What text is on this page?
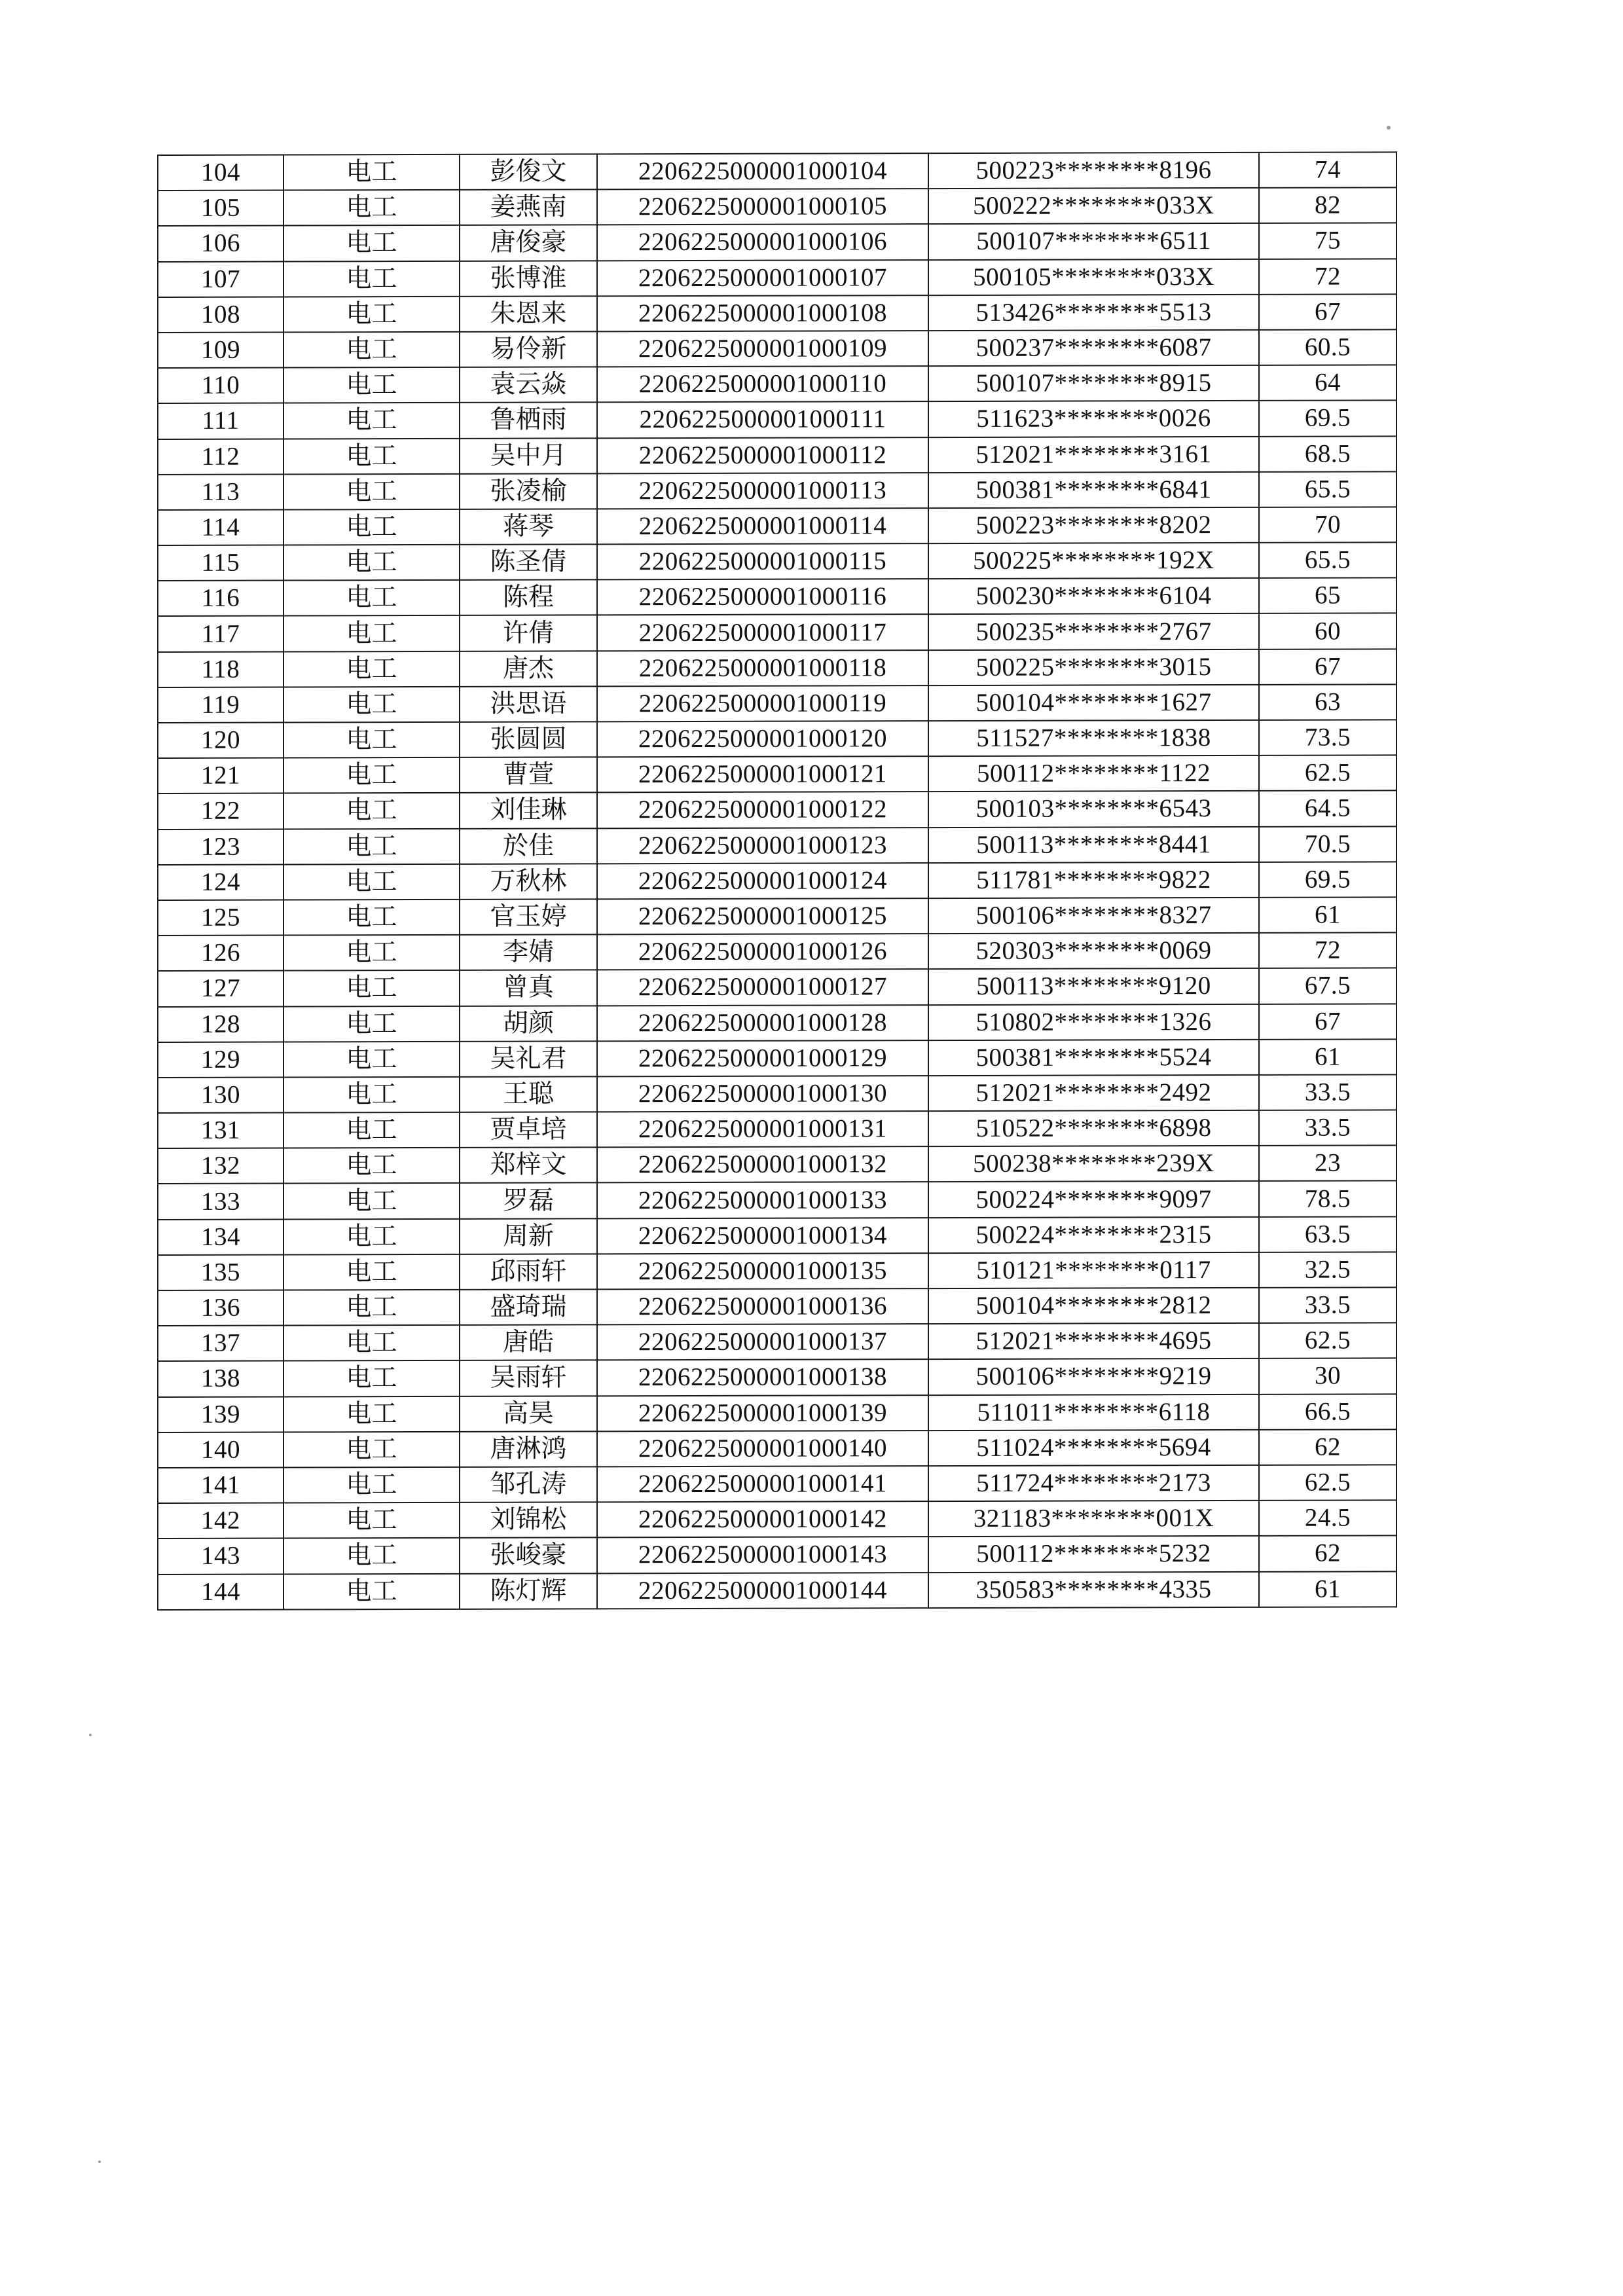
104	电工	彭俊文	2206225000001000104	500223********8196	74
105	电工	姜燕南	2206225000001000105	500222********033X	82
106	电工	唐俊豪	2206225000001000106	500107********6511	75
107	电工	张博淮	2206225000001000107	500105********033X	72
108	电工	朱恩来	2206225000001000108	513426********5513	67
109	电工	易伶新	2206225000001000109	500237********6087	60.5
110	电工	袁云焱	2206225000001000110	500107********8915	64
111	电工	鲁栖雨	2206225000001000111	511623********0026	69.5
112	电工	吴中月	2206225000001000112	512021********3161	68.5
113	电工	张凌榆	2206225000001000113	500381********6841	65.5
114	电工	蒋琴	2206225000001000114	500223********8202	70
115	电工	陈圣倩	2206225000001000115	500225********192X	65.5
116	电工	陈程	2206225000001000116	500230********6104	65
117	电工	许倩	2206225000001000117	500235********2767	60
118	电工	唐杰	2206225000001000118	500225********3015	67
119	电工	洪思语	2206225000001000119	500104********1627	63
120	电工	张圆圆	2206225000001000120	511527********1838	73.5
121	电工	曹萱	2206225000001000121	500112********1122	62.5
122	电工	刘佳琳	2206225000001000122	500103********6543	64.5
123	电工	於佳	2206225000001000123	500113********8441	70.5
124	电工	万秋林	2206225000001000124	511781********9822	69.5
125	电工	官玉婷	2206225000001000125	500106********8327	61
126	电工	李婧	2206225000001000126	520303********0069	72
127	电工	曾真	2206225000001000127	500113********9120	67.5
128	电工	胡颜	2206225000001000128	510802********1326	67
129	电工	吴礼君	2206225000001000129	500381********5524	61
130	电工	王聪	2206225000001000130	512021********2492	33.5
131	电工	贾卓培	2206225000001000131	510522********6898	33.5
132	电工	郑梓文	2206225000001000132	500238********239X	23
133	电工	罗磊	2206225000001000133	500224********9097	78.5
134	电工	周新	2206225000001000134	500224********2315	63.5
135	电工	邱雨轩	2206225000001000135	510121********0117	32.5
136	电工	盛琦瑞	2206225000001000136	500104********2812	33.5
137	电工	唐皓	2206225000001000137	512021********4695	62.5
138	电工	吴雨轩	2206225000001000138	500106********9219	30
139	电工	高昊	2206225000001000139	511011********6118	66.5
140	电工	唐淋鸿	2206225000001000140	511024********5694	62
141	电工	邹孔涛	2206225000001000141	511724********2173	62.5
142	电工	刘锦松	2206225000001000142	321183********001X	24.5
143	电工	张峻豪	2206225000001000143	500112********5232	62
144	电工	陈灯辉	2206225000001000144	350583********4335	61
